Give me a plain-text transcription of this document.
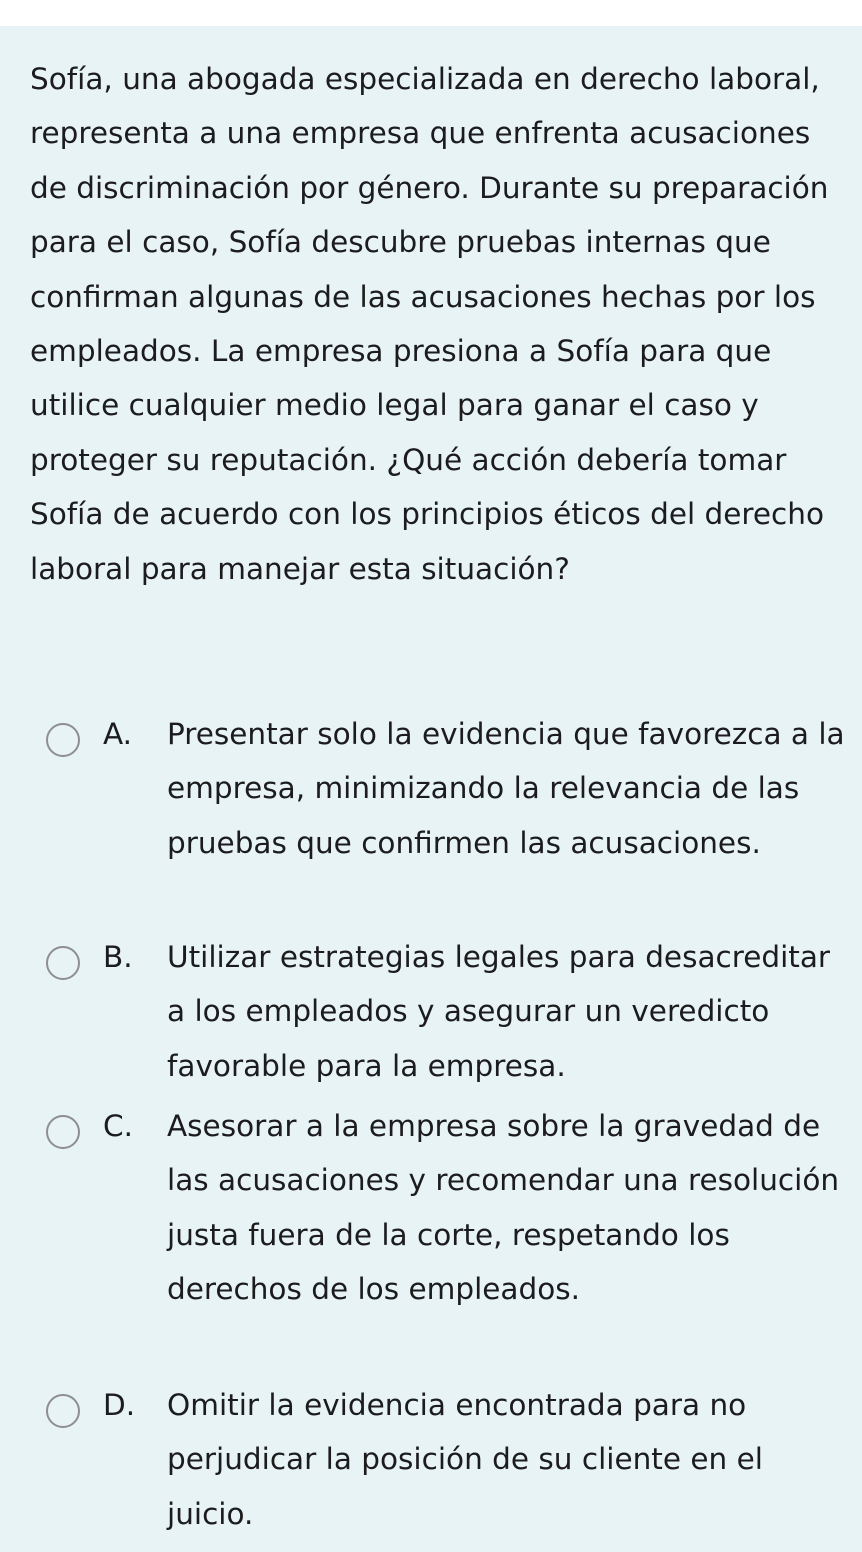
Sofía, una abogada especializada en derecho laboral, representa a una empresa que enfrenta acusaciones de discriminación por género. Durante su preparación para el caso, Sofía descubre pruebas internas que confirman algunas de las acusaciones hechas por los empleados. La empresa presiona a Sofía para que utilice cualquier medio legal para ganar el caso y proteger su reputación. ¿Qué acción debería tomar Sofía de acuerdo con los principios éticos del derecho laboral para manejar esta situación?

A. Presentar solo la evidencia que favorezca a la empresa, minimizando la relevancia de las pruebas que confirmen las acusaciones.
B. Utilizar estrategias legales para desacreditar a los empleados y asegurar un veredicto favorable para la empresa.
C. Asesorar a la empresa sobre la gravedad de las acusaciones y recomendar una resolución justa fuera de la corte, respetando los derechos de los empleados.
D. Omitir la evidencia encontrada para no perjudicar la posición de su cliente en el juicio.
